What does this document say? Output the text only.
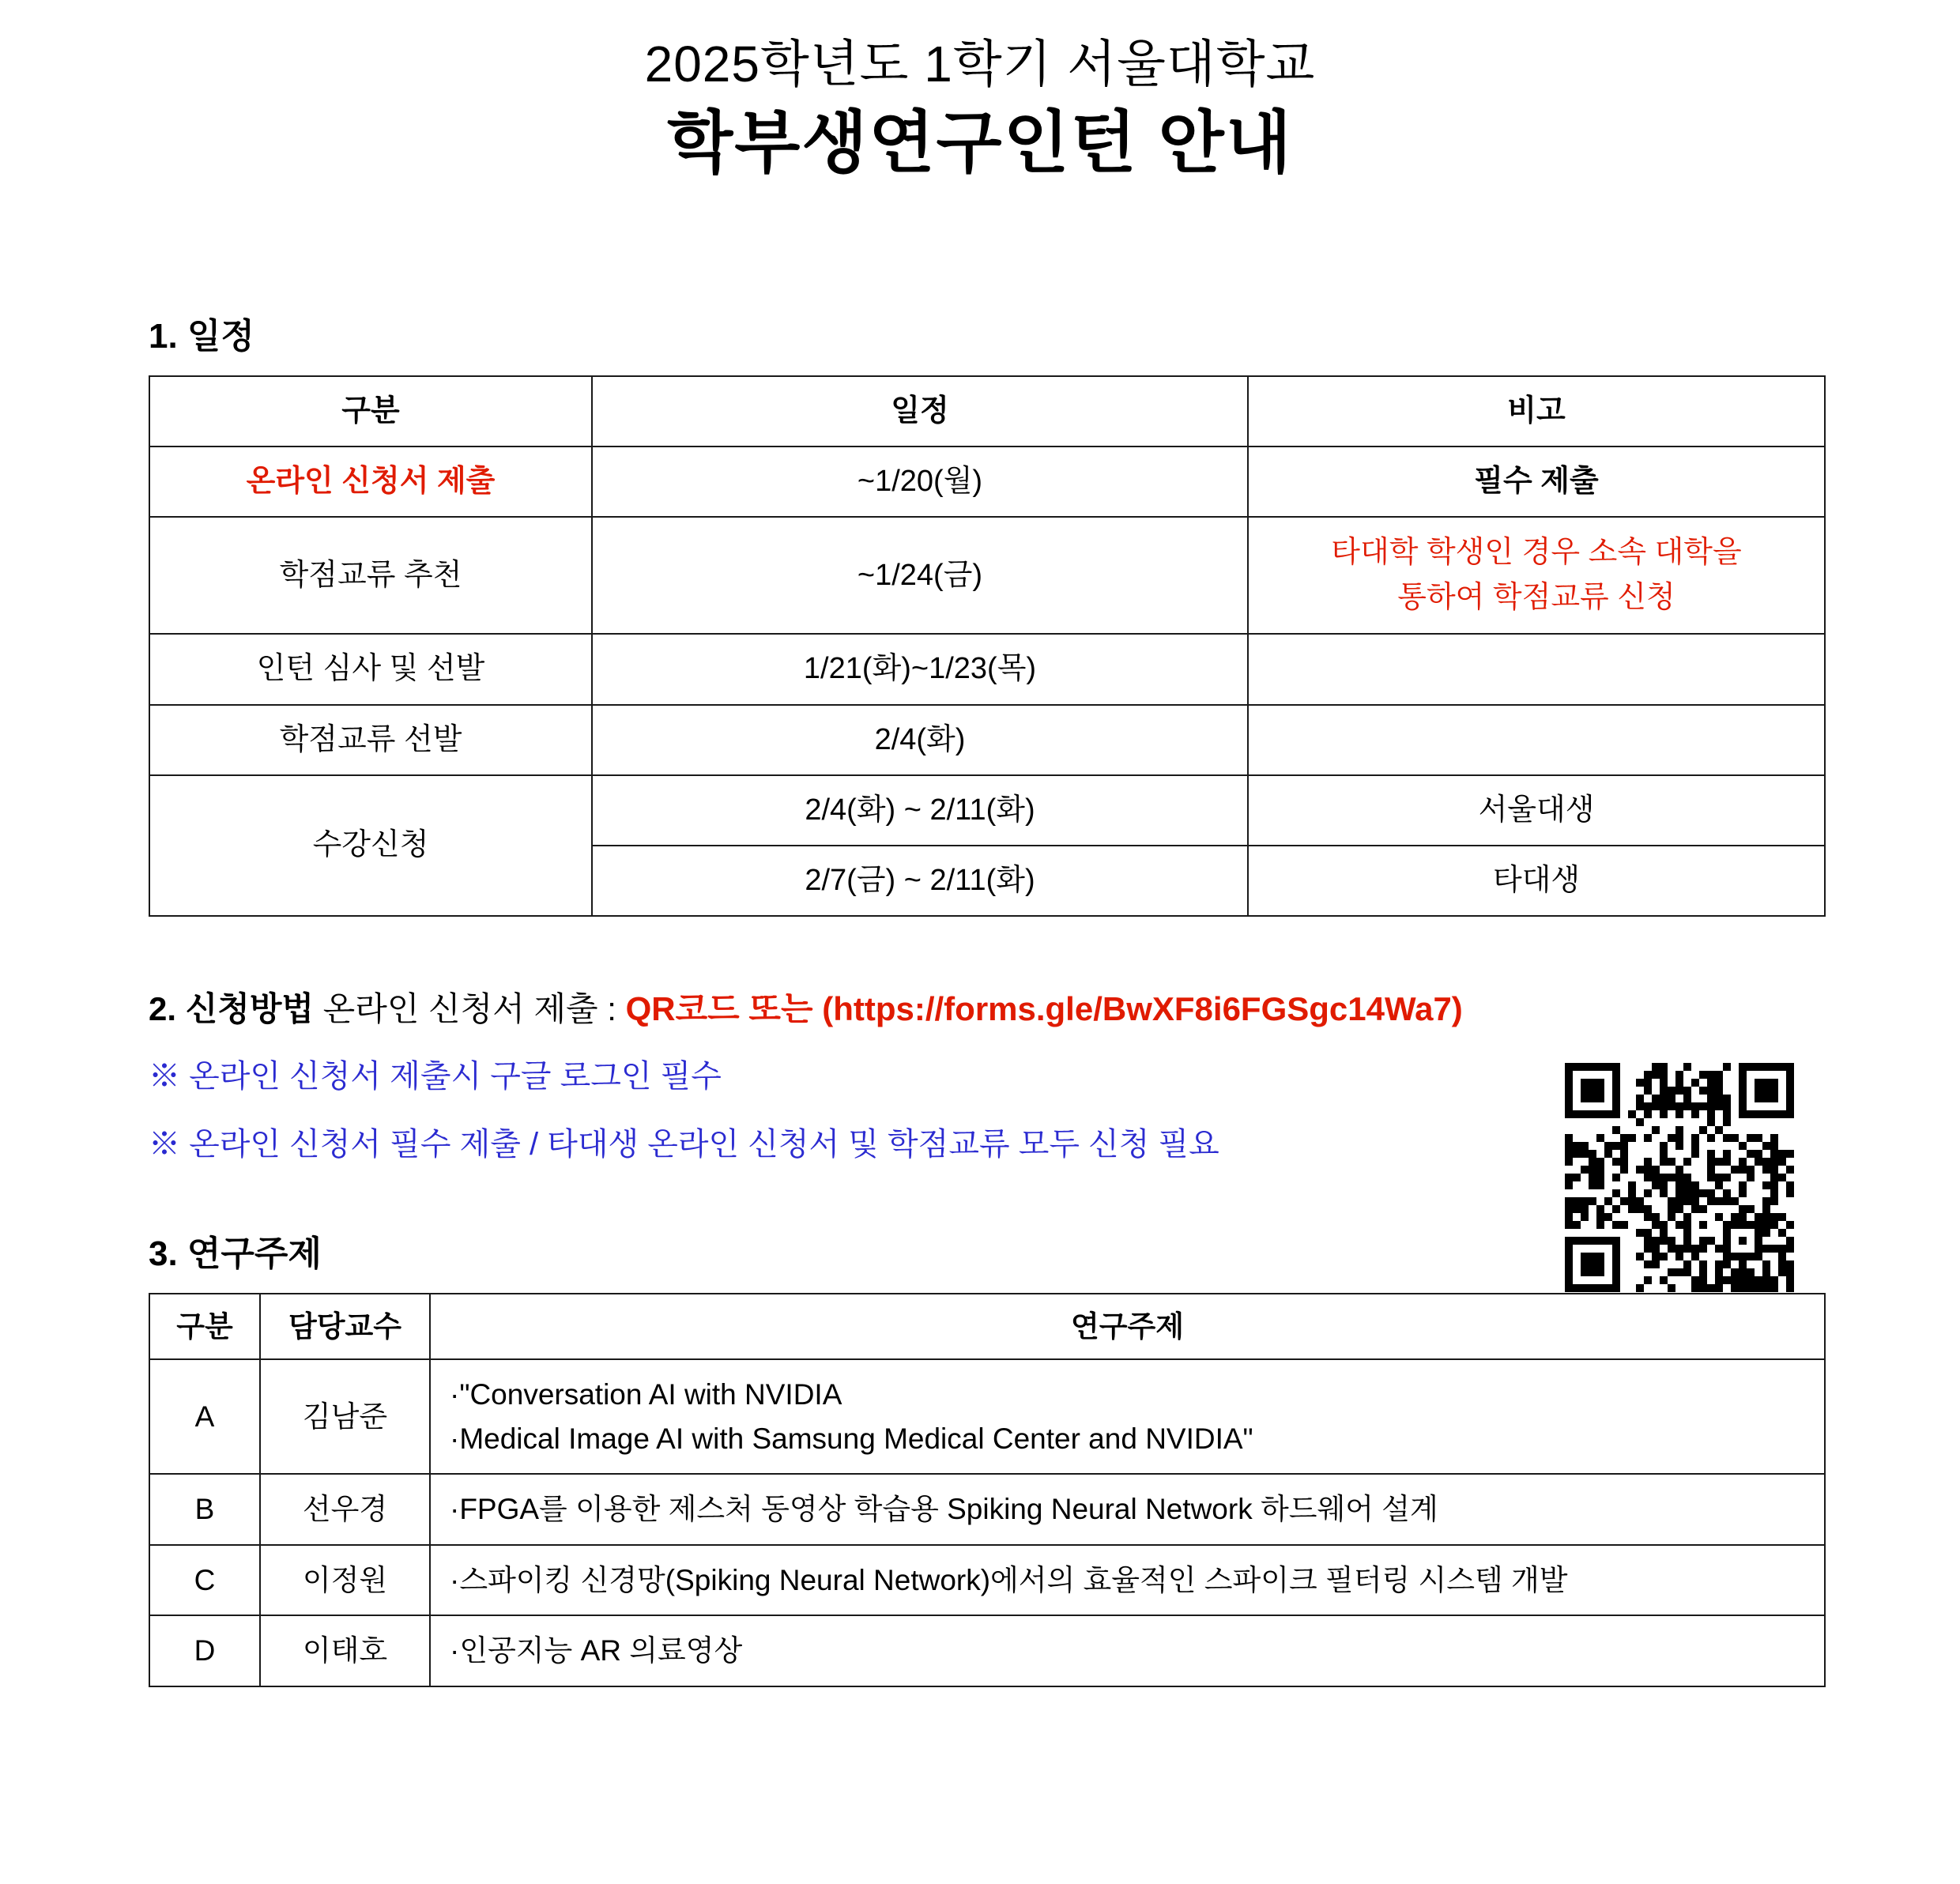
2025학년도 1학기 서울대학교
학부생연구인턴 안내
1. 일정
구분	일정	비고
온라인 신청서 제출	~1/20(월)	필수 제출
학점교류 추천	~1/24(금)	타대학 학생인 경우 소속 대학을
통하여 학점교류 신청

인턴 심사 및 선발	1/21(화)~1/23(목)	
학점교류 선발	2/4(화)	
수강신청	2/4(화) ~ 2/11(화)	서울대생
	2/7(금) ~ 2/11(화)	타대생
2. 신청방법 온라인 신청서 제출 : QR코드 또는 (https://forms.gle/BwXF8i6FGSgc14Wa7)
※ 온라인 신청서 제출시 구글 로그인 필수
※ 온라인 신청서 필수 제출 / 타대생 온라인 신청서 및 학점교류 모두 신청 필요
3. 연구주제
구분	담당교수	연구주제
A	김남준	·"Conversation AI with NVIDIA
·Medical Image AI with Samsung Medical Center and NVIDIA"

B	선우경	·FPGA를 이용한 제스처 동영상 학습용 Spiking Neural Network 하드웨어 설계

C	이정원	·스파이킹 신경망(Spiking Neural Network)에서의 효율적인 스파이크 필터링 시스템 개발

D	이태호	·인공지능 AR 의료영상
